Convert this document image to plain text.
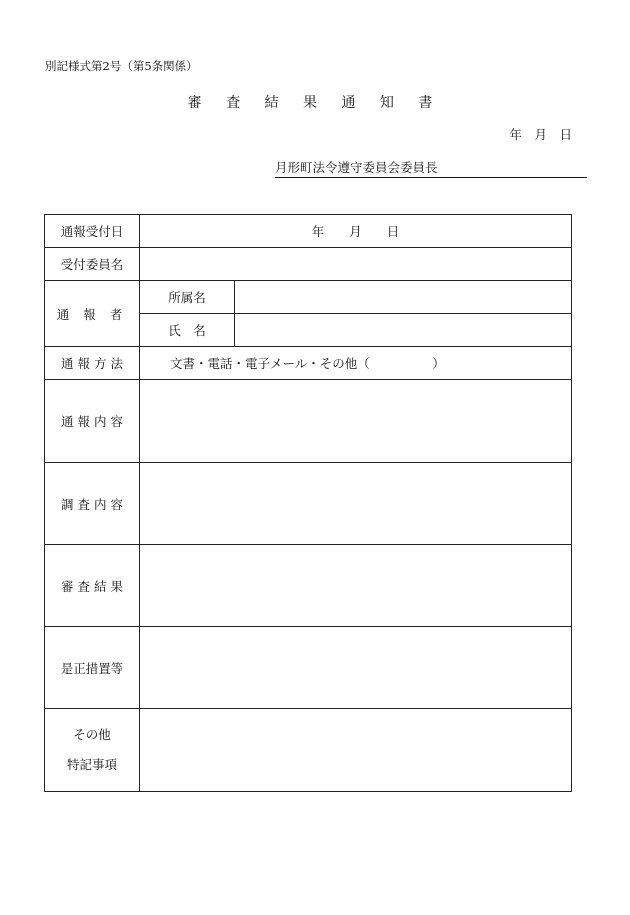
別記様式第2号（第5条関係）
審 査 結 果 通 知 書
年　月　日
月形町法令遵守委員会委員長
通報受付日	年　　月　　日	
受付委員名		
通 報 者	所属名	
	氏　名	
通 報 方 法	文書・電話・電子メール・その他（　　　　　）	
通 報 内 容		
調 査 内 容		
審 査 結 果		
是正措置等		

その他
特記事項		
